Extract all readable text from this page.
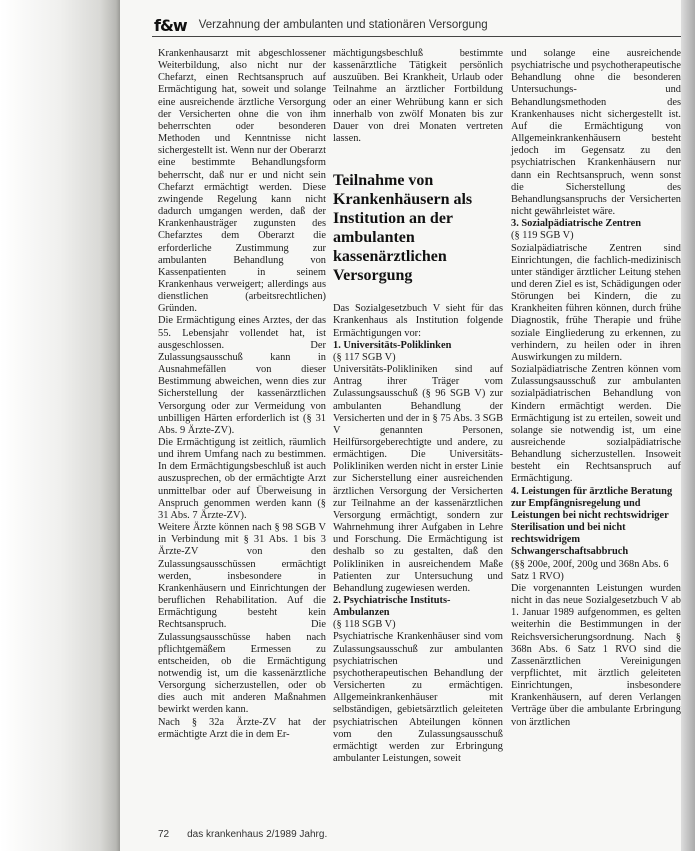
f&w Verzahnung der ambulanten und stationären Versorgung

Krankenhausarzt mit abgeschlossener Weiterbildung, also nicht nur der Chefarzt, einen Rechtsanspruch auf Ermächtigung hat, soweit und solange eine ausreichende ärztliche Versorgung der Versicherten ohne die von ihm beherrschten oder besonderen Methoden und Kenntnisse nicht sichergestellt ist. Wenn nur der Oberarzt eine bestimmte Behandlungsform beherrscht, daß nur er und nicht sein Chefarzt ermächtigt werden. Diese zwingende Regelung kann nicht dadurch umgangen werden, daß der Krankenhausträger zugunsten des Chefarztes dem Oberarzt die erforderliche Zustimmung zur ambulanten Behandlung von Kassenpatienten in seinem Krankenhaus verweigert; allerdings aus dienstlichen (arbeitsrechtlichen) Gründen.

Die Ermächtigung eines Arztes, der das 55. Lebensjahr vollendet hat, ist ausgeschlossen. Der Zulassungsausschuß kann in Ausnahmefällen von dieser Bestimmung abweichen, wenn dies zur Sicherstellung der kassenärztlichen Versorgung oder zur Vermeidung von unbilligen Härten erforderlich ist (§ 31 Abs. 9 Ärzte-ZV).

Die Ermächtigung ist zeitlich, räumlich und ihrem Umfang nach zu bestimmen. In dem Ermächtigungsbeschluß ist auch auszusprechen, ob der ermächtigte Arzt unmittelbar oder auf Überweisung in Anspruch genommen werden kann (§ 31 Abs. 7 Ärzte-ZV).

Weitere Ärzte können nach § 98 SGB V in Verbindung mit § 31 Abs. 1 bis 3 Ärzte-ZV von den Zulassungsausschüssen ermächtigt werden, insbesondere in Krankenhäusern und Einrichtungen der beruflichen Rehabilitation. Auf die Ermächtigung besteht kein Rechtsanspruch. Die Zulassungsausschüsse haben nach pflichtgemäßem Ermessen zu entscheiden, ob die Ermächtigung notwendig ist, um die kassenärztliche Versorgung sicherzustellen, oder ob dies auch mit anderen Maßnahmen bewirkt werden kann.

Nach § 32a Ärzte-ZV hat der ermächtigte Arzt die in dem Er-

mächtigungsbeschluß bestimmte kassenärztliche Tätigkeit persönlich auszuüben. Bei Krankheit, Urlaub oder Teilnahme an ärztlicher Fortbildung oder an einer Wehrübung kann er sich innerhalb von zwölf Monaten bis zur Dauer von drei Monaten vertreten lassen.

Teilnahme von Krankenhäusern als Institution an der ambulanten kassenärztlichen Versorgung

Das Sozialgesetzbuch V sieht für das Krankenhaus als Institution folgende Ermächtigungen vor:

1. Universitäts-Poliklinken

(§ 117 SGB V)

Universitäts-Polikliniken sind auf Antrag ihrer Träger vom Zulassungsausschuß (§ 96 SGB V) zur ambulanten Behandlung der Versicherten und der in § 75 Abs. 3 SGB V genannten Personen, Heilfürsorgeberechtigte und andere, zu ermächtigen. Die Universitäts-Polikliniken werden nicht in erster Linie zur Sicherstellung einer ausreichenden ärztlichen Versorgung der Versicherten zur Teilnahme an der kassenärztlichen Versorgung ermächtigt, sondern zur Wahrnehmung ihrer Aufgaben in Lehre und Forschung. Die Ermächtigung ist deshalb so zu gestalten, daß den Polikliniken in ausreichendem Maße Patienten zur Untersuchung und Behandlung zugewiesen werden.

2. Psychiatrische Instituts-Ambulanzen

(§ 118 SGB V)

Psychiatrische Krankenhäuser sind vom Zulassungsausschuß zur ambulanten psychiatrischen und psychotherapeutischen Behandlung der Versicherten zu ermächtigen. Allgemeinkrankenhäuser mit selbständigen, gebietsärztlich geleiteten psychiatrischen Abteilungen können vom den Zulassungsausschuß ermächtigt werden zur Erbringung ambulanter Leistungen, soweit

und solange eine ausreichende psychiatrische und psychotherapeutische Behandlung ohne die besonderen Untersuchungs- und Behandlungsmethoden des Krankenhauses nicht sichergestellt ist. Auf die Ermächtigung von Allgemeinkrankenhäusern besteht jedoch im Gegensatz zu den psychiatrischen Krankenhäusern nur dann ein Rechtsanspruch, wenn sonst die Sicherstellung des Behandlungsanspruchs der Versicherten nicht gewährleistet wäre.

3. Sozialpädiatrische Zentren

(§ 119 SGB V)

Sozialpädiatrische Zentren sind Einrichtungen, die fachlich-medizinisch unter ständiger ärztlicher Leitung stehen und deren Ziel es ist, Schädigungen oder Störungen bei Kindern, die zu Krankheiten führen können, durch frühe Diagnostik, frühe Therapie und frühe soziale Eingliederung zu erkennen, zu verhindern, zu heilen oder in ihren Auswirkungen zu mildern.

Sozialpädiatrische Zentren können vom Zulassungsausschuß zur ambulanten sozialpädiatrischen Behandlung von Kindern ermächtigt werden. Die Ermächtigung ist zu erteilen, soweit und solange sie notwendig ist, um eine ausreichende sozialpädiatrische Behandlung sicherzustellen. Insoweit besteht ein Rechtsanspruch auf Ermächtigung.

4. Leistungen für ärztliche Beratung zur Empfängnisregelung und Leistungen bei nicht rechtswidriger Sterilisation und bei nicht rechtswidrigem Schwangerschaftsabbruch

(§§ 200e, 200f, 200g und 368n Abs. 6 Satz 1 RVO)

Die vorgenannten Leistungen wurden nicht in das neue Sozialgesetzbuch V ab 1. Januar 1989 aufgenommen, es gelten weiterhin die Bestimmungen in der Reichsversicherungsordnung. Nach § 368n Abs. 6 Satz 1 RVO sind die Zassenärztlichen Vereinigungen verpflichtet, mit ärztlich geleiteten Einrichtungen, insbesondere Krankenhäusern, auf deren Verlangen Verträge über die ambulante Erbringung von ärztlichen

72 das krankenhaus 2/1989 Jahrg.
